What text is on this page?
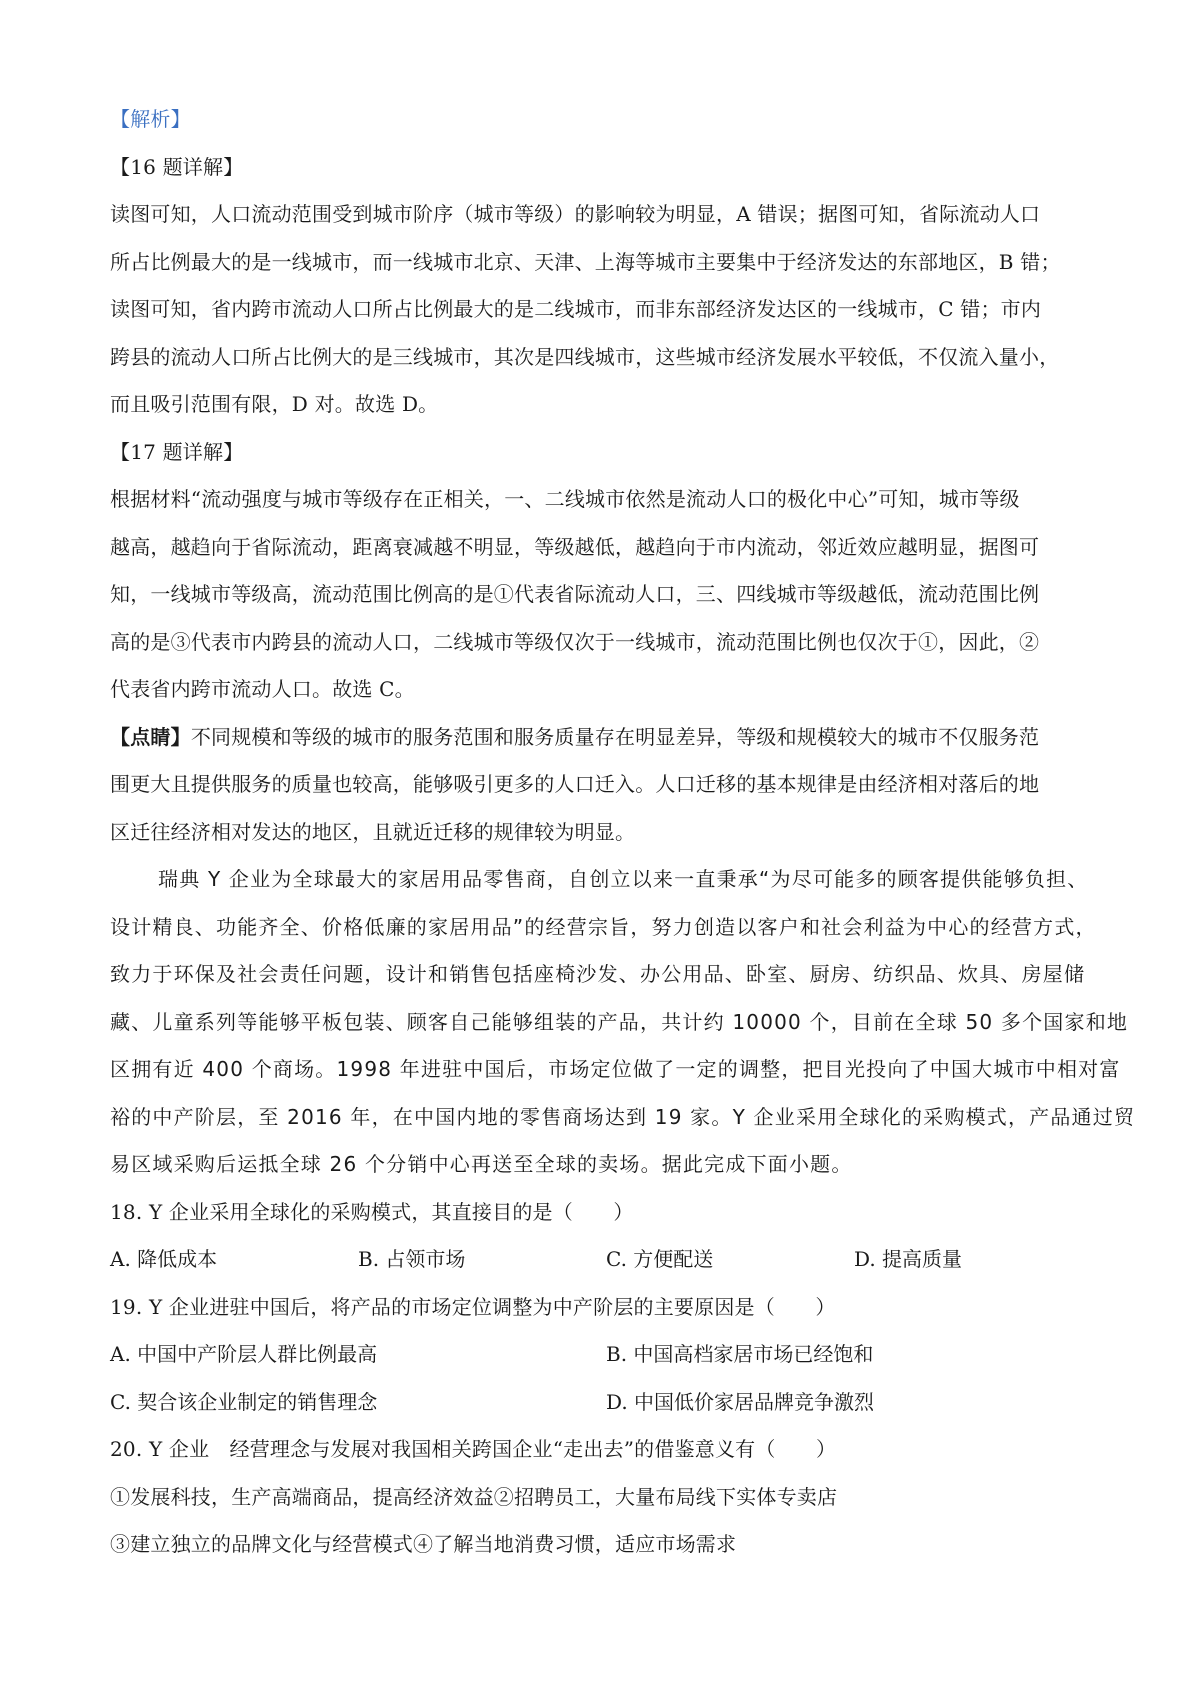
【解析】
【16 题详解】
读图可知，人口流动范围受到城市阶序（城市等级）的影响较为明显，A 错误；据图可知，省际流动人口
所占比例最大的是一线城市，而一线城市北京、天津、上海等城市主要集中于经济发达的东部地区，B 错；
读图可知，省内跨市流动人口所占比例最大的是二线城市，而非东部经济发达区的一线城市，C 错；市内
跨县的流动人口所占比例大的是三线城市，其次是四线城市，这些城市经济发展水平较低，不仅流入量小，
而且吸引范围有限，D 对。故选 D。
【17 题详解】
根据材料“流动强度与城市等级存在正相关，一、二线城市依然是流动人口的极化中心”可知，城市等级
越高，越趋向于省际流动，距离衰减越不明显，等级越低，越趋向于市内流动，邻近效应越明显，据图可
知，一线城市等级高，流动范围比例高的是①代表省际流动人口，三、四线城市等级越低，流动范围比例
高的是③代表市内跨县的流动人口，二线城市等级仅次于一线城市，流动范围比例也仅次于①，因此，②
代表省内跨市流动人口。故选 C。
【点睛】不同规模和等级的城市的服务范围和服务质量存在明显差异，等级和规模较大的城市不仅服务范
围更大且提供服务的质量也较高，能够吸引更多的人口迁入。人口迁移的基本规律是由经济相对落后的地
区迁往经济相对发达的地区，且就近迁移的规律较为明显。
瑞典 Y 企业为全球最大的家居用品零售商，自创立以来一直秉承“为尽可能多的顾客提供能够负担、
设计精良、功能齐全、价格低廉的家居用品”的经营宗旨，努力创造以客户和社会利益为中心的经营方式，
致力于环保及社会责任问题，设计和销售包括座椅沙发、办公用品、卧室、厨房、纺织品、炊具、房屋储
藏、儿童系列等能够平板包装、顾客自己能够组装的产品，共计约 10000 个，目前在全球 50 多个国家和地
区拥有近 400 个商场。1998 年进驻中国后，市场定位做了一定的调整，把目光投向了中国大城市中相对富
裕的中产阶层，至 2016 年，在中国内地的零售商场达到 19 家。Y 企业采用全球化的采购模式，产品通过贸
易区域采购后运抵全球 26 个分销中心再送至全球的卖场。据此完成下面小题。
18. Y 企业采用全球化的采购模式，其直接目的是（　　）
A. 降低成本	B. 占领市场	C. 方便配送	D. 提高质量
19. Y 企业进驻中国后，将产品的市场定位调整为中产阶层的主要原因是（　　）
A. 中国中产阶层人群比例最高	B. 中国高档家居市场已经饱和
C. 契合该企业制定的销售理念	D. 中国低价家居品牌竞争激烈
20. Y 企业　经营理念与发展对我国相关跨国企业“走出去”的借鉴意义有（　　）
①发展科技，生产高端商品，提高经济效益②招聘员工，大量布局线下实体专卖店
③建立独立的品牌文化与经营模式④了解当地消费习惯，适应市场需求
